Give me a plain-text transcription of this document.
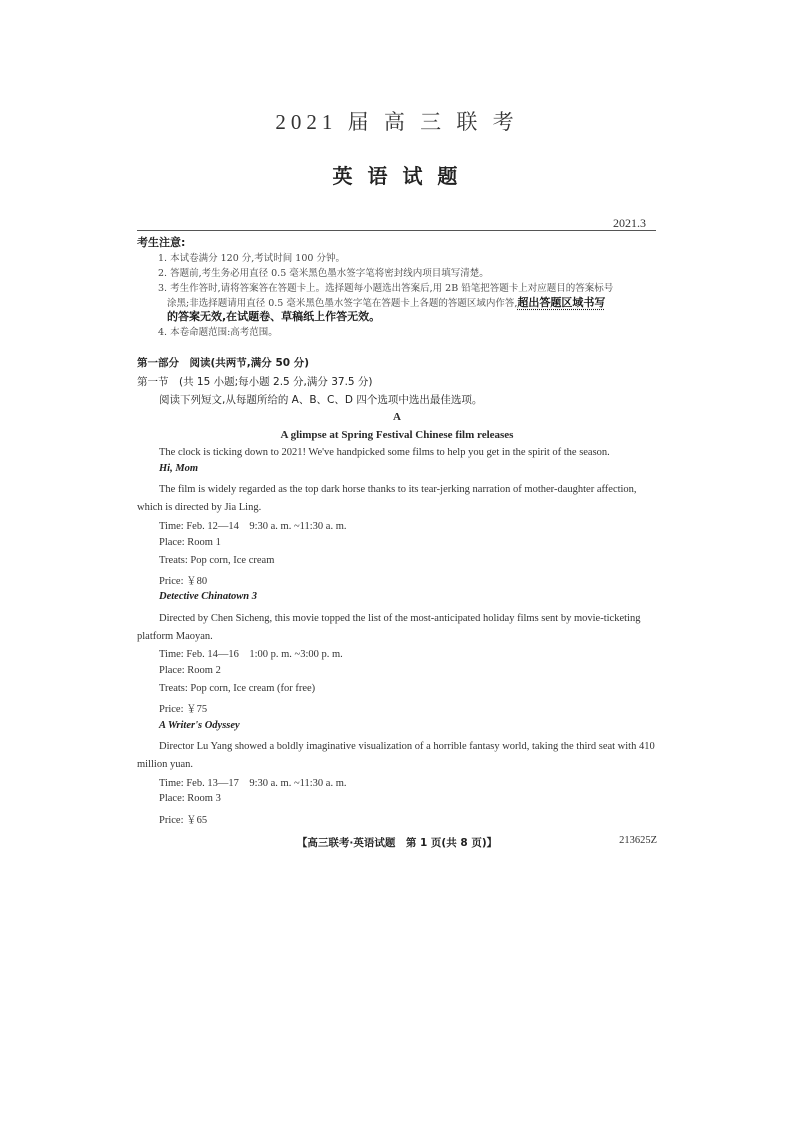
2021 届 高 三 联 考
英 语 试 题
2021.3
考生注意:
1. 本试卷满分 120 分,考试时间 100 分钟。
2. 答题前,考生务必用直径 0.5 毫米黑色墨水签字笔将密封线内项目填写清楚。
3. 考生作答时,请将答案答在答题卡上。选择题每小题选出答案后,用 2B 铅笔把答题卡上对应题目的答案标号
涂黑;非选择题请用直径 0.5 毫米黑色墨水签字笔在答题卡上各题的答题区域内作答,超出答题区域书写
的答案无效,在试题卷、草稿纸上作答无效。
4. 本卷命题范围:高考范围。
第一部分　阅读(共两节,满分 50 分)
第一节　(共 15 小题;每小题 2.5 分,满分 37.5 分)
阅读下列短文,从每题所给的 A、B、C、D 四个选项中选出最佳选项。
A
A glimpse at Spring Festival Chinese film releases
The clock is ticking down to 2021! We've handpicked some films to help you get in the spirit of the season.
Hi, Mom
The film is widely regarded as the top dark horse thanks to its tear-jerking narration of mother-daughter affection, which is directed by Jia Ling.
Time: Feb. 12—14　9:30 a. m. ~11:30 a. m.
Place: Room 1
Treats: Pop corn, Ice cream
Price: ￥80
Detective Chinatown 3
Directed by Chen Sicheng, this movie topped the list of the most-anticipated holiday films sent by movie-ticketing platform Maoyan.
Time: Feb. 14—16　1:00 p. m. ~3:00 p. m.
Place: Room 2
Treats: Pop corn, Ice cream (for free)
Price: ￥75
A Writer's Odyssey
Director Lu Yang showed a boldly imaginative visualization of a horrible fantasy world, taking the third seat with 410 million yuan.
Time: Feb. 13—17　9:30 a. m. ~11:30 a. m.
Place: Room 3
Price: ￥65
【高三联考·英语试题　第 1 页(共 8 页)】	213625Z
